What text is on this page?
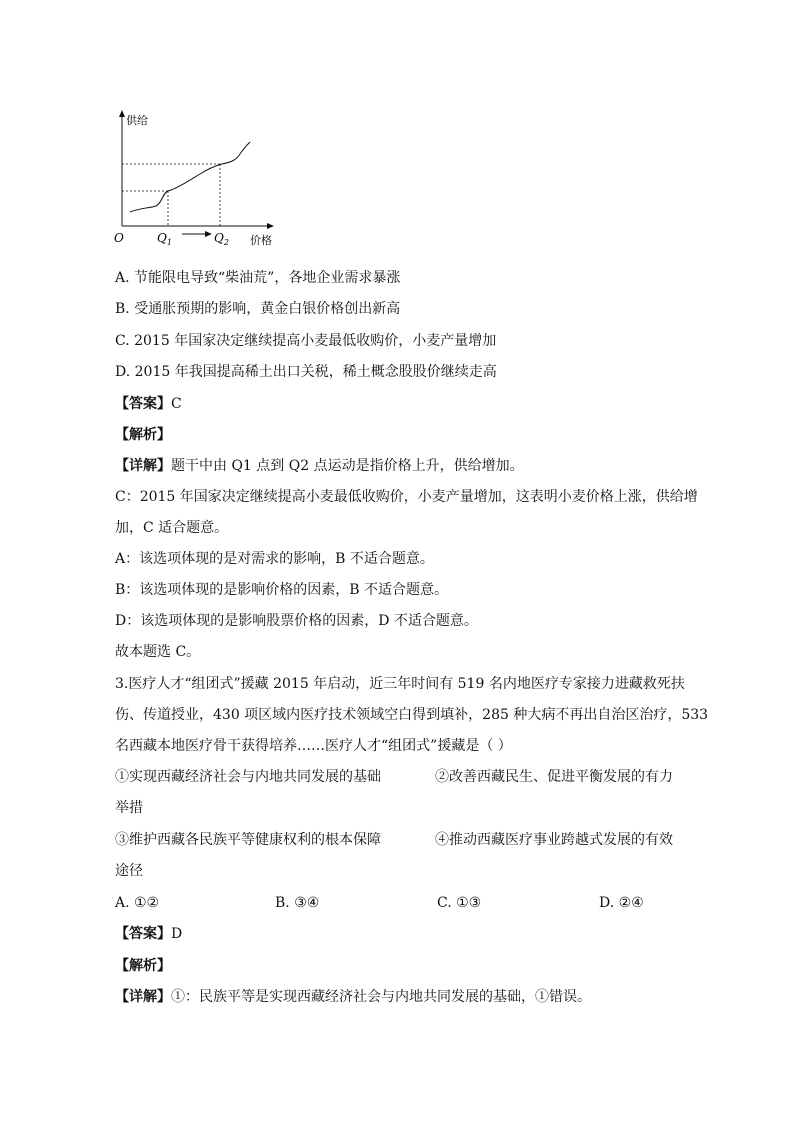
供给
O	$Q_1$	$Q_2$ 价格
A. 节能限电导致“柴油荒”，各地企业需求暴涨
B. 受通胀预期的影响，黄金白银价格创出新高
C. 2015 年国家决定继续提高小麦最低收购价，小麦产量增加
D. 2015 年我国提高稀土出口关税，稀土概念股股价继续走高
【答案】C
【解析】
【详解】题干中由 Q1 点到 Q2 点运动是指价格上升，供给增加。
C：2015 年国家决定继续提高小麦最低收购价，小麦产量增加，这表明小麦价格上涨，供给增
加，C 适合题意。
A：该选项体现的是对需求的影响，B 不适合题意。
B：该选项体现的是影响价格的因素，B 不适合题意。
D：该选项体现的是影响股票价格的因素，D 不适合题意。
故本题选 C。
3.医疗人才“组团式”援藏 2015 年启动，近三年时间有 519 名内地医疗专家接力进藏救死扶
伤、传道授业，430 项区域内医疗技术领域空白得到填补，285 种大病不再出自治区治疗，533
名西藏本地医疗骨干获得培养……医疗人才“组团式”援藏是（ ）
①实现西藏经济社会与内地共同发展的基础	②改善西藏民生、促进平衡发展的有力
举措
③维护西藏各民族平等健康权利的根本保障	④推动西藏医疗事业跨越式发展的有效
途径
A. ①②	B. ③④	C. ①③	D. ②④
【答案】D
【解析】
【详解】①：民族平等是实现西藏经济社会与内地共同发展的基础，①错误。
